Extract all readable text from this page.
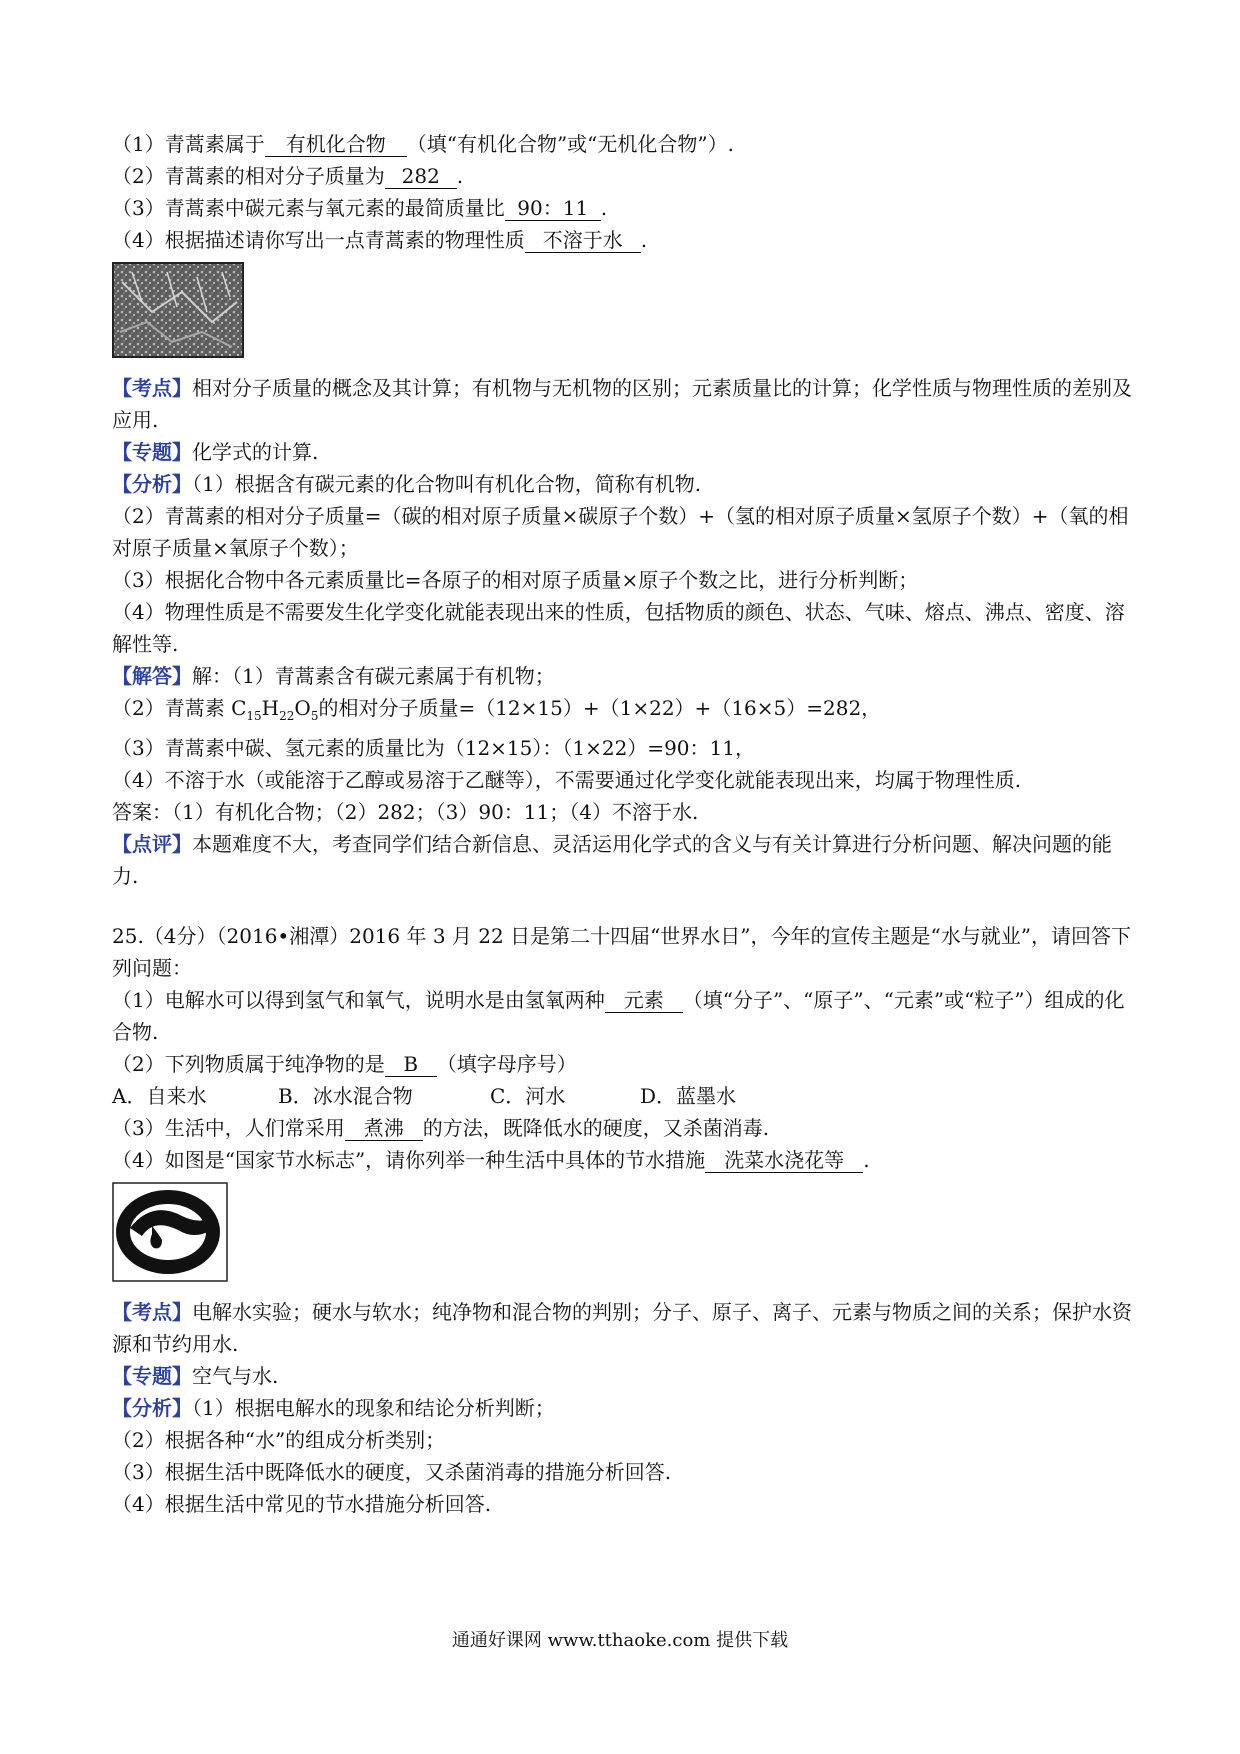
（1）青蒿素属于 有机化合物 （填“有机化合物”或“无机化合物”）.
（2）青蒿素的相对分子质量为 282 .
（3）青蒿素中碳元素与氧元素的最简质量比 90：11 .
（4）根据描述请你写出一点青蒿素的物理性质 不溶于水 .
【考点】相对分子质量的概念及其计算；有机物与无机物的区别；元素质量比的计算；化学性质与物理性质的差别及应用.
【专题】化学式的计算.
【分析】（1）根据含有碳元素的化合物叫有机化合物，简称有机物.
（2）青蒿素的相对分子质量=（碳的相对原子质量×碳原子个数）+（氢的相对原子质量×氢原子个数）+（氧的相对原子质量×氧原子个数）；
（3）根据化合物中各元素质量比=各原子的相对原子质量×原子个数之比，进行分析判断；
（4）物理性质是不需要发生化学变化就能表现出来的性质，包括物质的颜色、状态、气味、熔点、沸点、密度、溶解性等.
【解答】解：（1）青蒿素含有碳元素属于有机物；
（2）青蒿素 $C_{15}H_{22}O_5$的相对分子质量=（12×15）+（1×22）+（16×5）=282，
（3）青蒿素中碳、氢元素的质量比为（12×15）：（1×22）=90：11，
（4）不溶于水（或能溶于乙醇或易溶于乙醚等），不需要通过化学变化就能表现出来，均属于物理性质.
答案：（1）有机化合物；（2）282；（3）90：11；（4）不溶于水.
【点评】本题难度不大，考查同学们结合新信息、灵活运用化学式的含义与有关计算进行分析问题、解决问题的能力.
25.（4分）（2016•湘潭）2016 年 3 月 22 日是第二十四届“世界水日”，今年的宣传主题是“水与就业”，请回答下列问题：
（1）电解水可以得到氢气和氧气，说明水是由氢氧两种 元素 （填“分子”、“原子”、“元素”或“粒子”）组成的化合物.
（2）下列物质属于纯净物的是 B （填字母序号）
A．自来水	B．冰水混合物	C．河水	D．蓝墨水
（3）生活中，人们常采用 煮沸 的方法，既降低水的硬度，又杀菌消毒.
（4）如图是“国家节水标志”，请你列举一种生活中具体的节水措施 洗菜水浇花等 .
【考点】电解水实验；硬水与软水；纯净物和混合物的判别；分子、原子、离子、元素与物质之间的关系；保护水资源和节约用水.
【专题】空气与水.
【分析】（1）根据电解水的现象和结论分析判断；
（2）根据各种“水”的组成分析类别；
（3）根据生活中既降低水的硬度，又杀菌消毒的措施分析回答.
（4）根据生活中常见的节水措施分析回答.
通通好课网 www.tthaoke.com 提供下载
